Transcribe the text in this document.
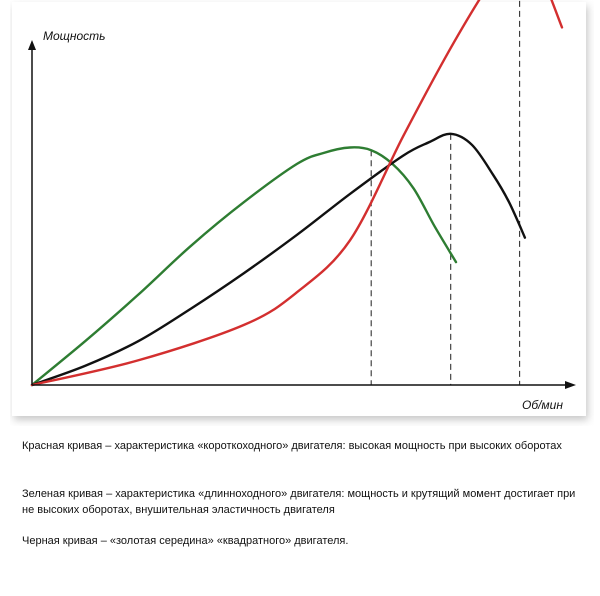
Мощность
Об/мин

Красная кривая – характеристика «короткоходного» двигателя: высокая мощность при высоких оборотах

Зеленая кривая – характеристика «длинноходного» двигателя: мощность и крутящий момент достигает при не высоких оборотах, внушительная эластичность двигателя

Черная кривая – «золотая середина» «квадратного» двигателя.
